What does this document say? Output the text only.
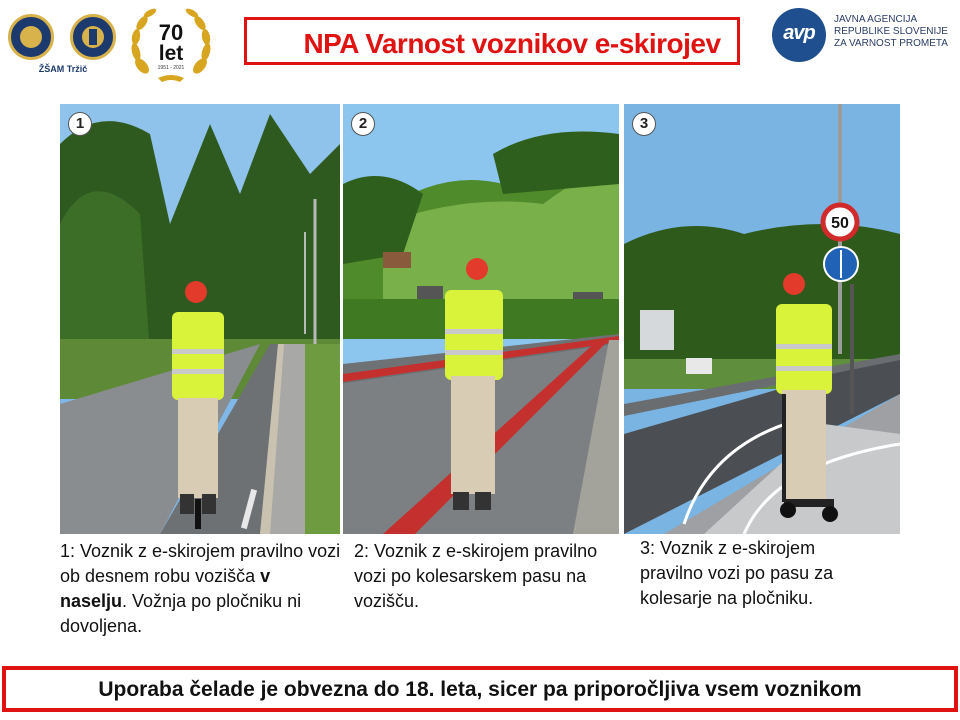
ŽŠAM Tržič
70
let
1951 - 2021
NPA Varnost voznikov e-skirojev	avp
JAVNA AGENCIJA
REPUBLIKE SLOVENIJE
ZA VARNOST PROMETA
1	2
50
3
1: Voznik z e-skirojem pravilno vozi ob desnem robu vozišča v naselju. Vožnja po pločniku ni dovoljena.
2: Voznik z e-skirojem pravilno vozi po kolesarskem pasu na vozišču.
3: Voznik z e-skirojem pravilno vozi po pasu za kolesarje na pločniku.
Uporaba čelade je obvezna do 18. leta, sicer pa priporočljiva vsem voznikom
